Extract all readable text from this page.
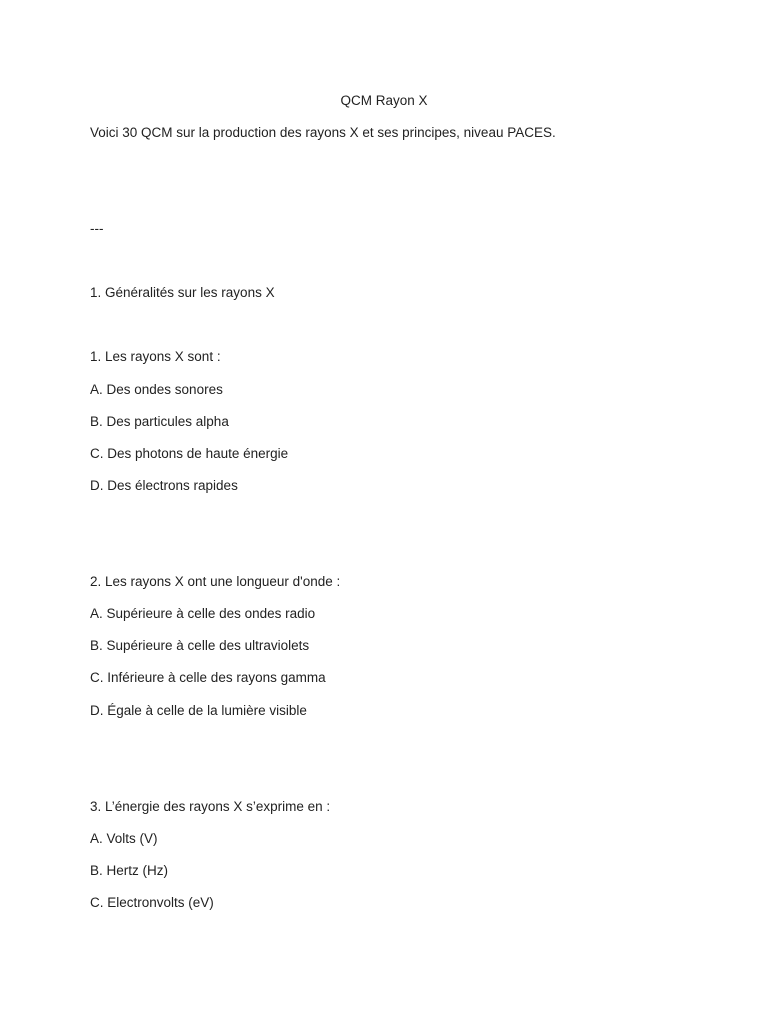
QCM Rayon X
Voici 30 QCM sur la production des rayons X et ses principes, niveau PACES.
---
1. Généralités sur les rayons X
1. Les rayons X sont :
A. Des ondes sonores
B. Des particules alpha
C. Des photons de haute énergie
D. Des électrons rapides
2. Les rayons X ont une longueur d'onde :
A. Supérieure à celle des ondes radio
B. Supérieure à celle des ultraviolets
C. Inférieure à celle des rayons gamma
D. Égale à celle de la lumière visible
3. L’énergie des rayons X s’exprime en :
A. Volts (V)
B. Hertz (Hz)
C. Electronvolts (eV)
